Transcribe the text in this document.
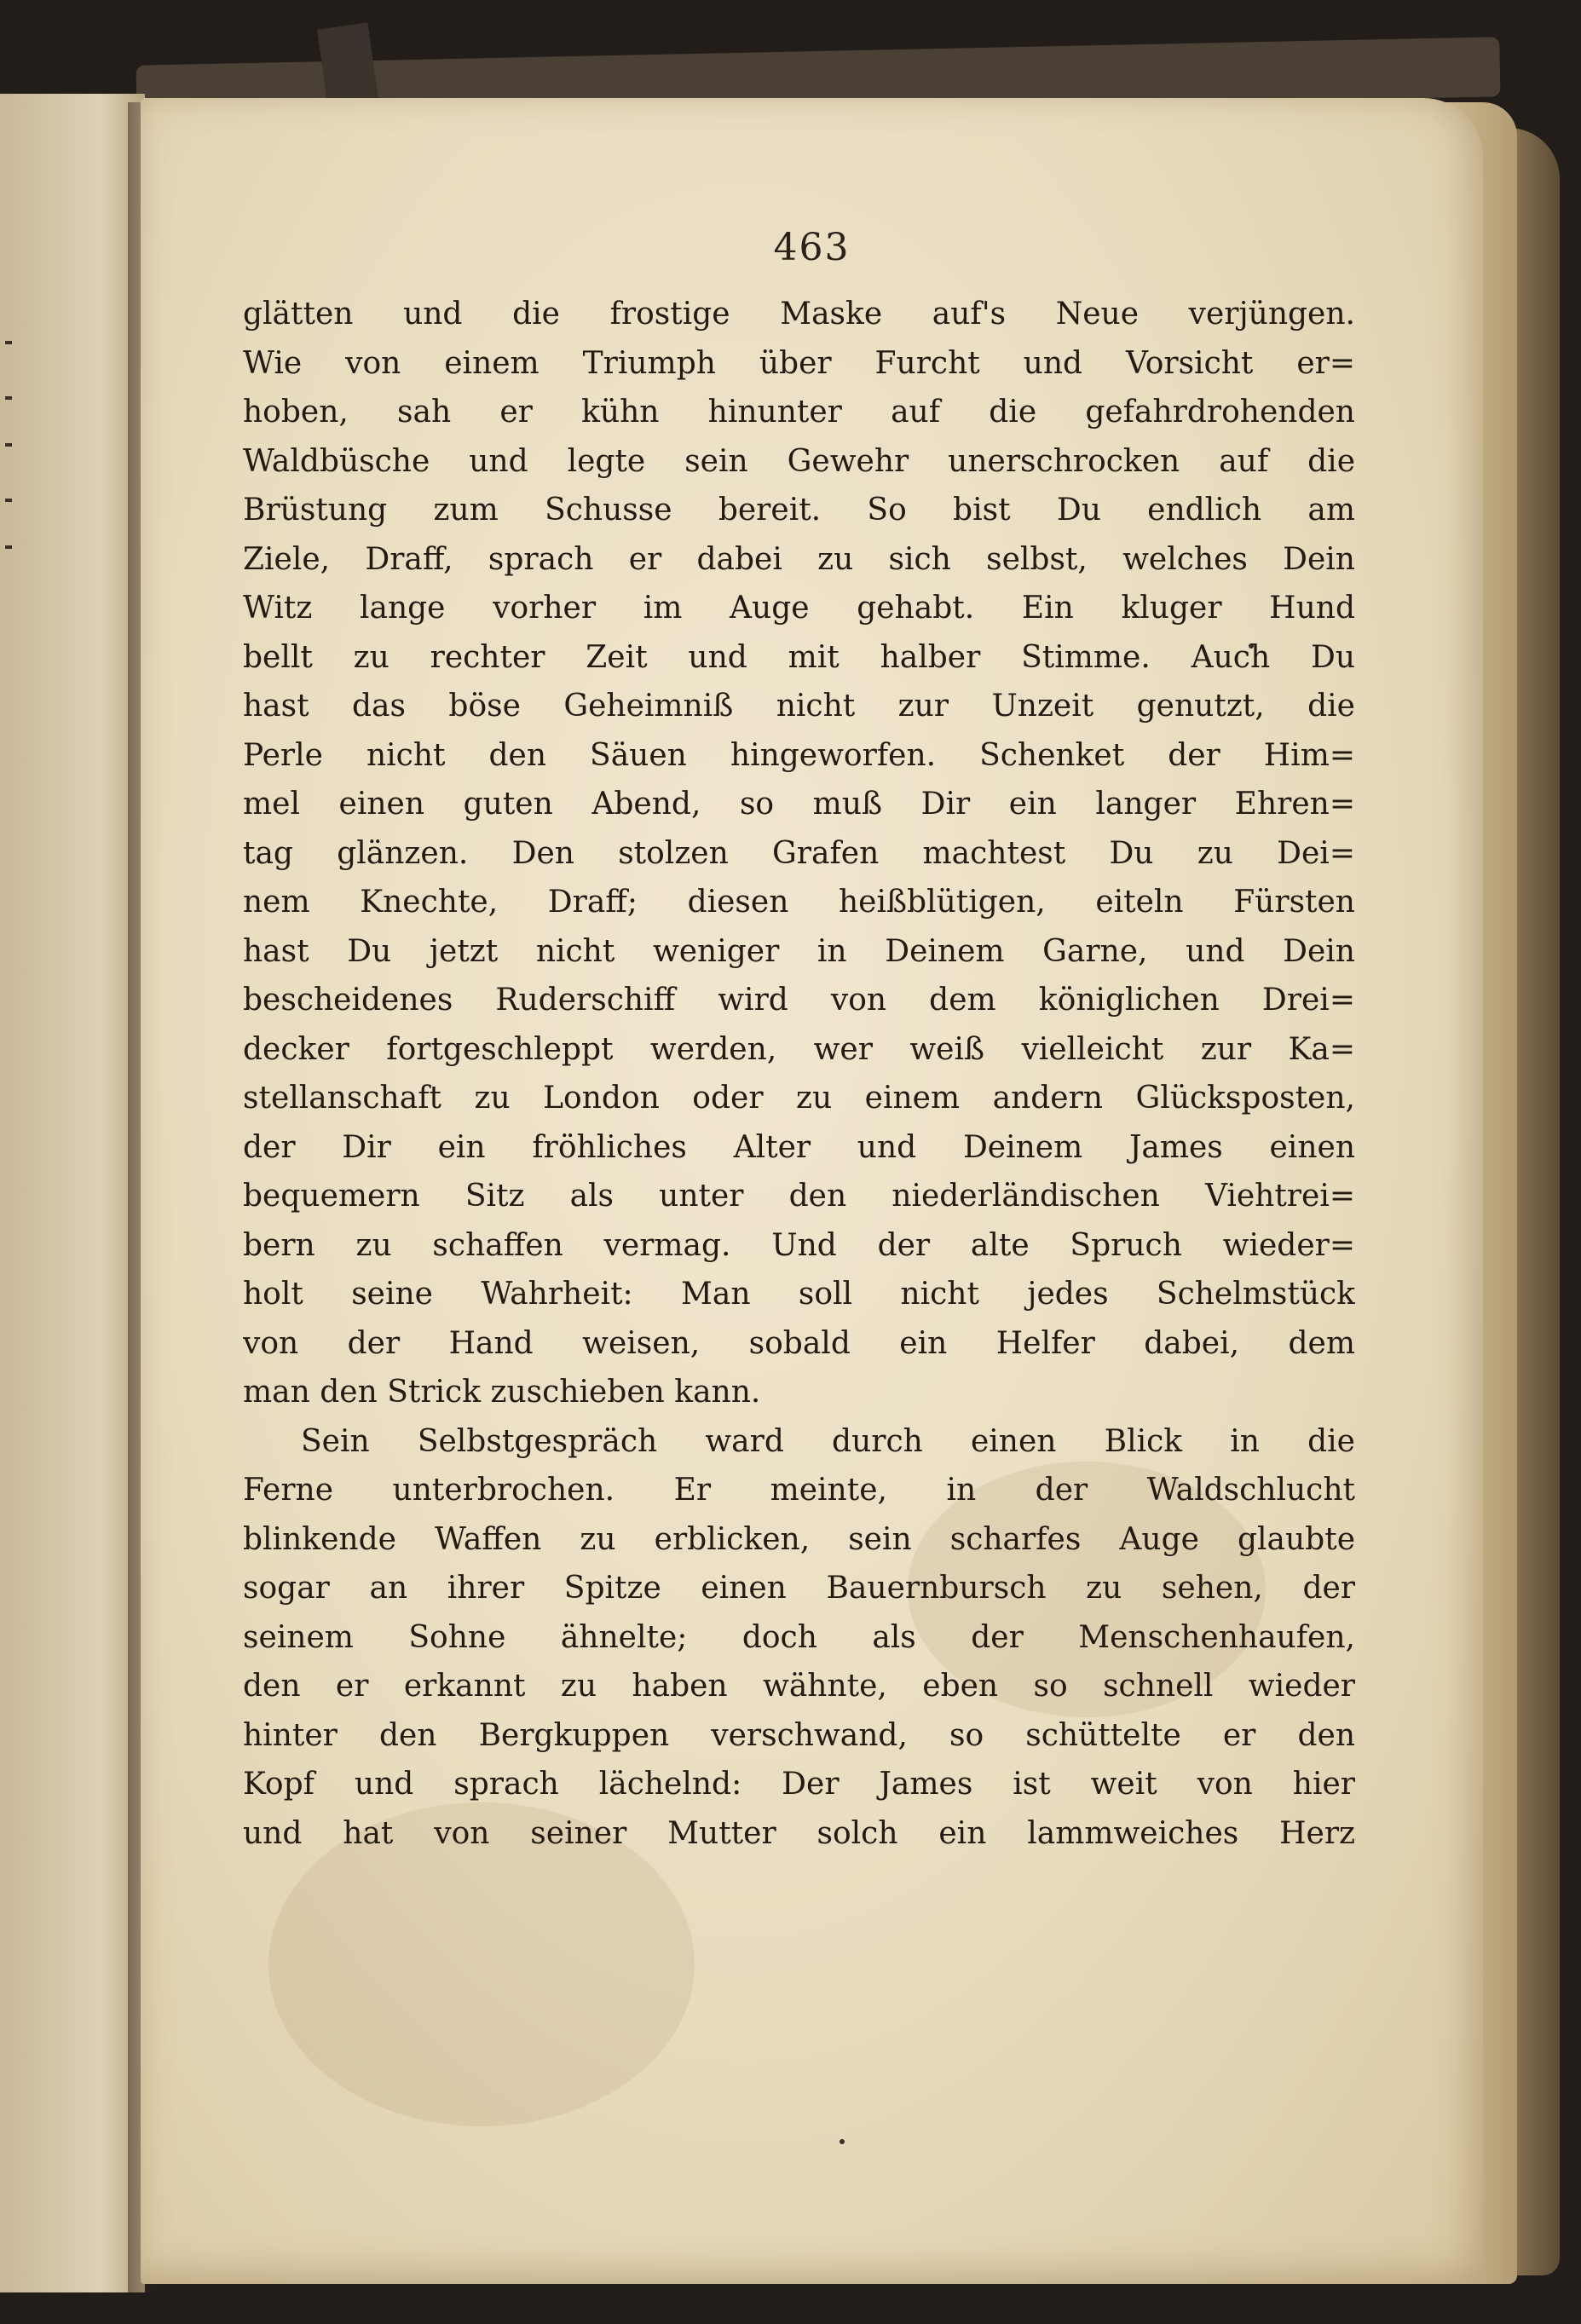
463
glätten und die frostige Maske auf's Neue verjüngen.
Wie von einem Triumph über Furcht und Vorsicht er=
hoben, sah er kühn hinunter auf die gefahrdrohenden
Waldbüsche und legte sein Gewehr unerschrocken auf die
Brüstung zum Schusse bereit. So bist Du endlich am
Ziele, Draff, sprach er dabei zu sich selbst, welches Dein
Witz lange vorher im Auge gehabt. Ein kluger Hund
bellt zu rechter Zeit und mit halber Stimme. Auch Du
hast das böse Geheimniß nicht zur Unzeit genutzt, die
Perle nicht den Säuen hingeworfen. Schenket der Him=
mel einen guten Abend, so muß Dir ein langer Ehren=
tag glänzen. Den stolzen Grafen machtest Du zu Dei=
nem Knechte, Draff; diesen heißblütigen, eiteln Fürsten
hast Du jetzt nicht weniger in Deinem Garne, und Dein
bescheidenes Ruderschiff wird von dem königlichen Drei=
decker fortgeschleppt werden, wer weiß vielleicht zur Ka=
stellanschaft zu London oder zu einem andern Glücksposten,
der Dir ein fröhliches Alter und Deinem James einen
bequemern Sitz als unter den niederländischen Viehtrei=
bern zu schaffen vermag. Und der alte Spruch wieder=
holt seine Wahrheit: Man soll nicht jedes Schelmstück
von der Hand weisen, sobald ein Helfer dabei, dem
man den Strick zuschieben kann.
Sein Selbstgespräch ward durch einen Blick in die
Ferne unterbrochen. Er meinte, in der Waldschlucht
blinkende Waffen zu erblicken, sein scharfes Auge glaubte
sogar an ihrer Spitze einen Bauernbursch zu sehen, der
seinem Sohne ähnelte; doch als der Menschenhaufen,
den er erkannt zu haben wähnte, eben so schnell wieder
hinter den Bergkuppen verschwand, so schüttelte er den
Kopf und sprach lächelnd: Der James ist weit von hier
und hat von seiner Mutter solch ein lammweiches Herz
